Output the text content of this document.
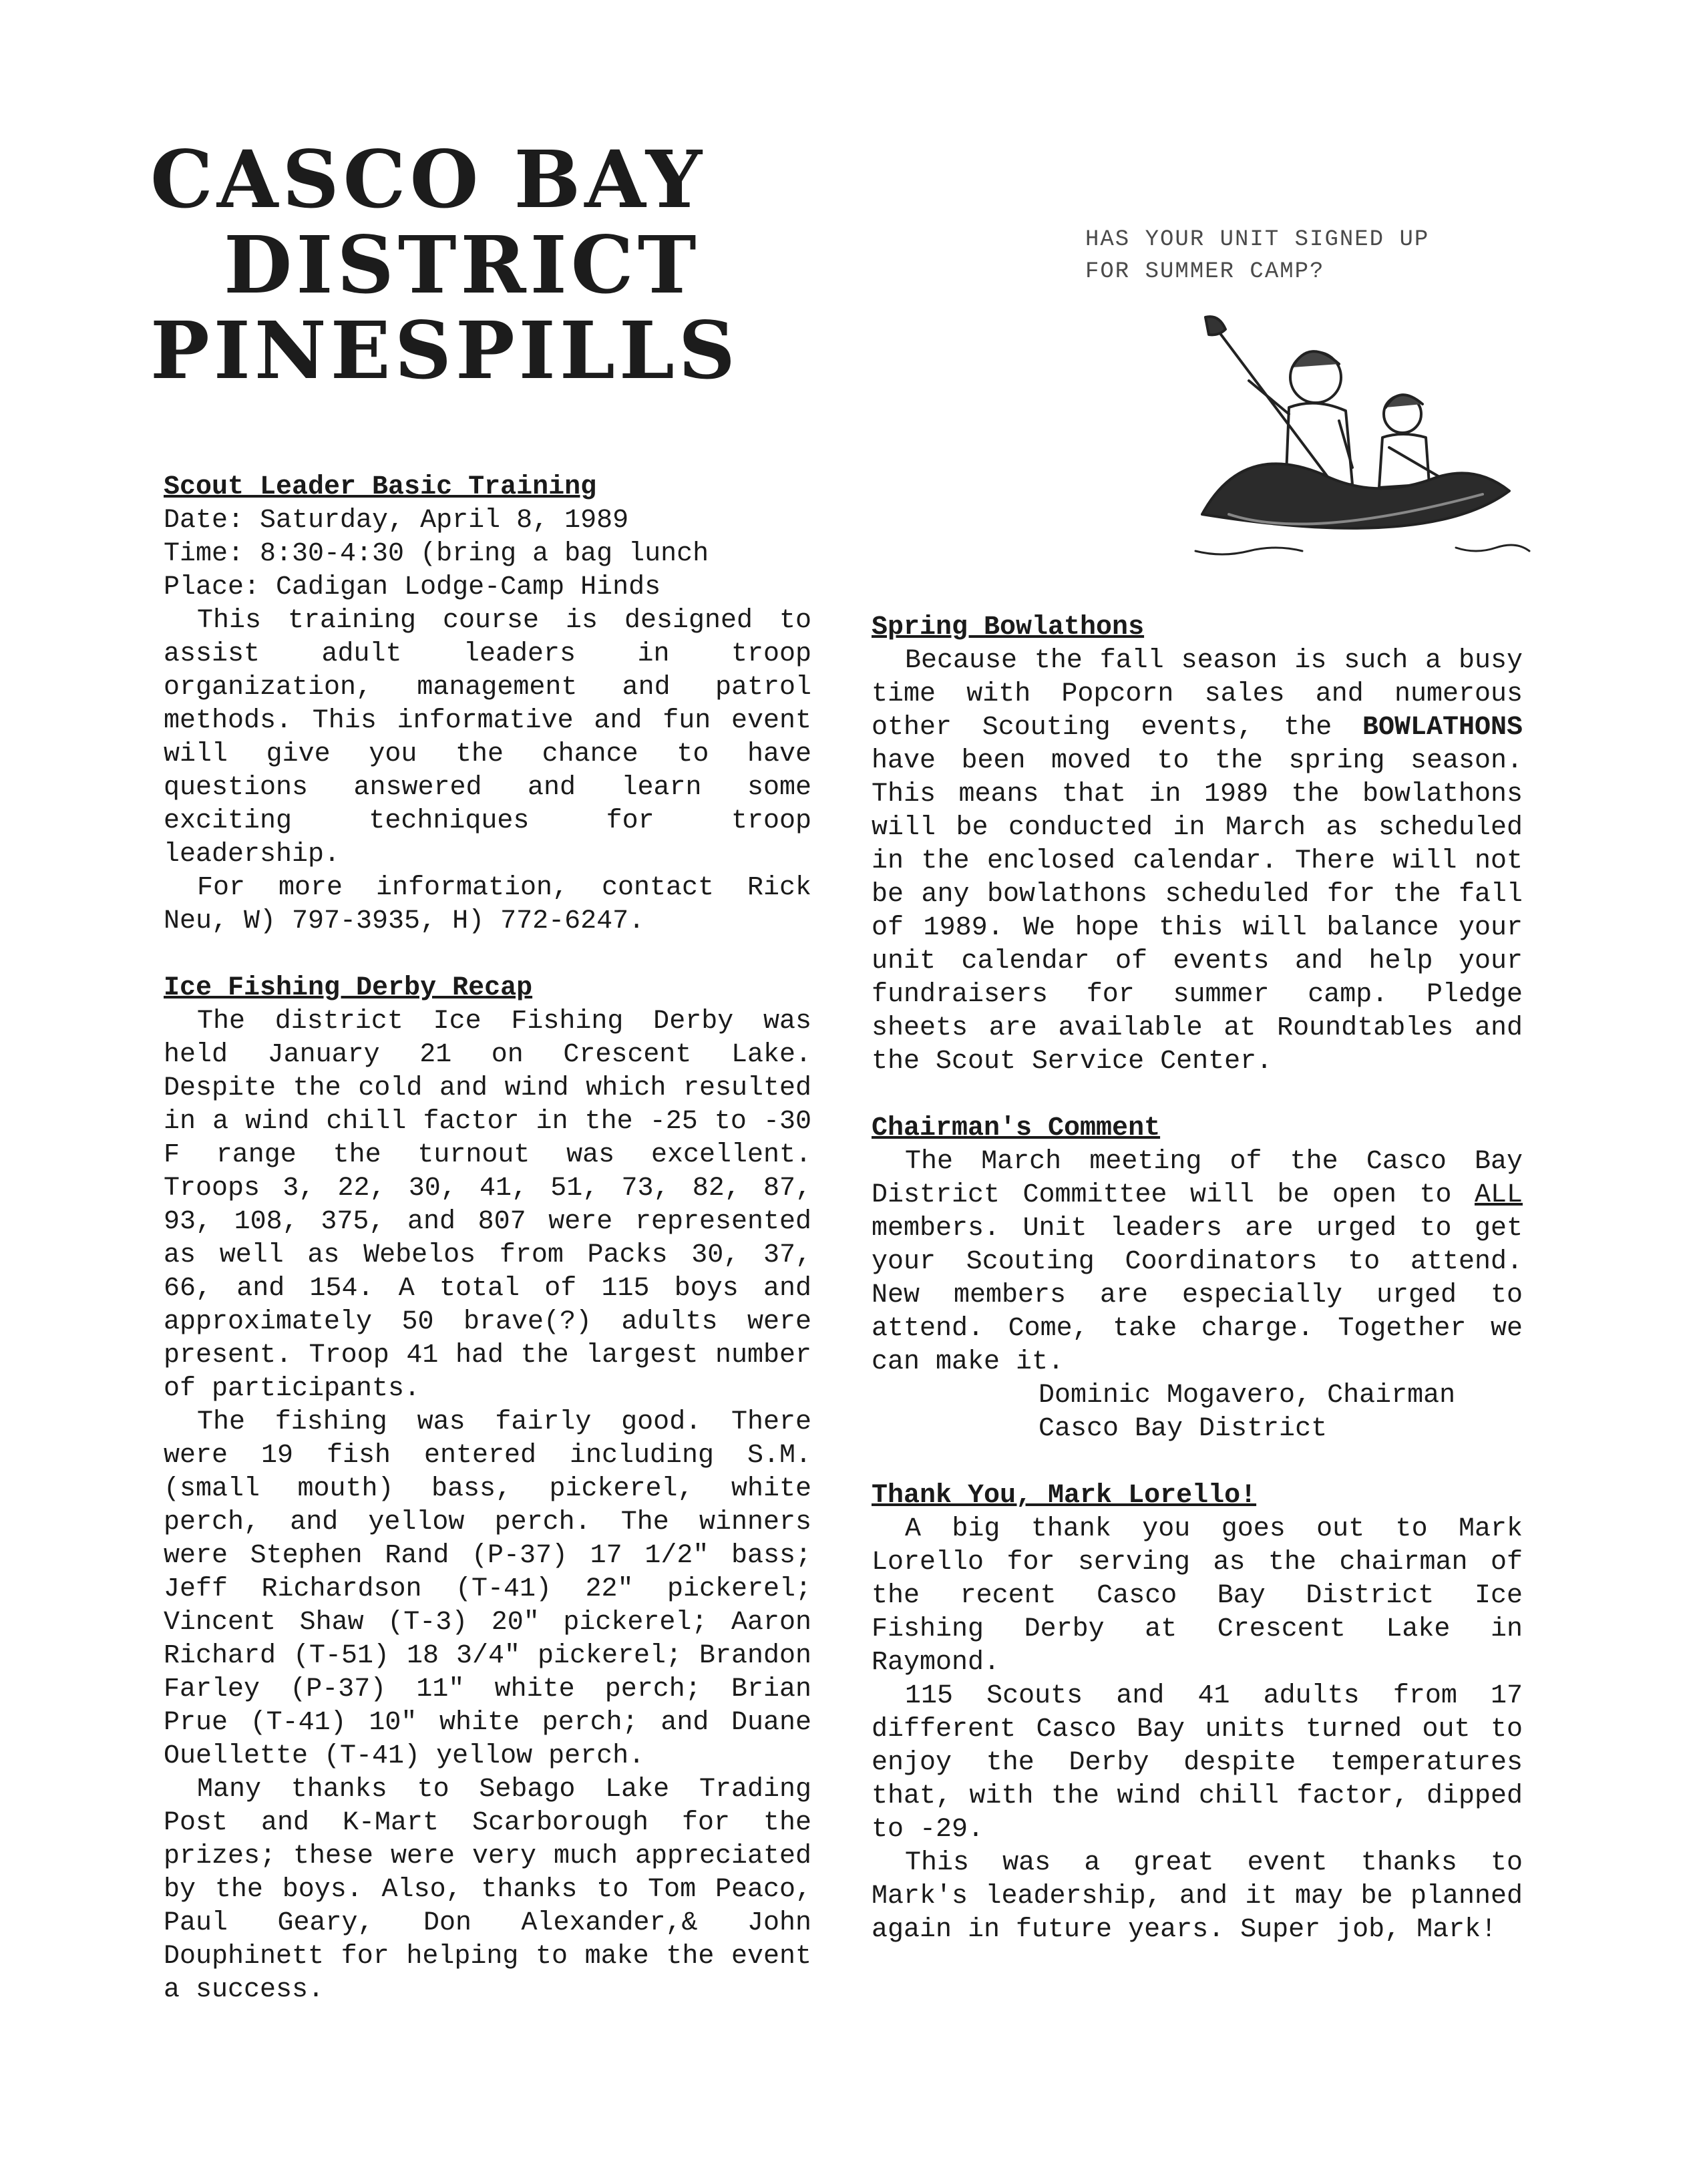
CASCO BAY
DISTRICT
PINESPILLS
HAS YOUR UNIT SIGNED UP
FOR SUMMER CAMP?
Scout Leader Basic Training
Date: Saturday, April 8, 1989
Time: 8:30-4:30 (bring a bag lunch
Place: Cadigan Lodge-Camp Hinds

This training course is designed to assist adult leaders in troop organization, management and patrol methods. This informative and fun event will give you the chance to have questions answered and learn some exciting techniques for troop leadership.

For more information, contact Rick Neu, W) 797-3935, H) 772-6247.

Ice Fishing Derby Recap

The district Ice Fishing Derby was held January 21 on Crescent Lake. Despite the cold and wind which resulted in a wind chill factor in the -25 to -30 F range the turnout was excellent. Troops 3, 22, 30, 41, 51, 73, 82, 87, 93, 108, 375, and 807 were represented as well as Webelos from Packs 30, 37, 66, and 154. A total of 115 boys and approximately 50 brave(?) adults were present. Troop 41 had the largest number of participants.

The fishing was fairly good. There were 19 fish entered including S.M. (small mouth) bass, pickerel, white perch, and yellow perch. The winners were Stephen Rand (P-37) 17 1/2" bass; Jeff Richardson (T-41) 22" pickerel; Vincent Shaw (T-3) 20" pickerel; Aaron Richard (T-51) 18 3/4" pickerel; Brandon Farley (P-37) 11" white perch; Brian Prue (T-41) 10" white perch; and Duane Ouellette (T-41) yellow perch.

Many thanks to Sebago Lake Trading Post and K-Mart Scarborough for the prizes; these were very much appreciated by the boys. Also, thanks to Tom Peaco, Paul Geary, Don Alexander,& John Douphinett for helping to make the event a success.

Spring Bowlathons

Because the fall season is such a busy time with Popcorn sales and numerous other Scouting events, the BOWLATHONS have been moved to the spring season. This means that in 1989 the bowlathons will be conducted in March as scheduled in the enclosed calendar. There will not be any bowlathons scheduled for the fall of 1989. We hope this will balance your unit calendar of events and help your fundraisers for summer camp. Pledge sheets are available at Roundtables and the Scout Service Center.

Chairman's Comment

The March meeting of the Casco Bay District Committee will be open to ALL members. Unit leaders are urged to get your Scouting Coordinators to attend. New members are especially urged to attend. Come, take charge. Together we can make it.

Dominic Mogavero, Chairman
Casco Bay District
Thank You, Mark Lorello!

A big thank you goes out to Mark Lorello for serving as the chairman of the recent Casco Bay District Ice Fishing Derby at Crescent Lake in Raymond.

115 Scouts and 41 adults from 17 different Casco Bay units turned out to enjoy the Derby despite temperatures that, with the wind chill factor, dipped to -29.

This was a great event thanks to Mark's leadership, and it may be planned again in future years. Super job, Mark!
